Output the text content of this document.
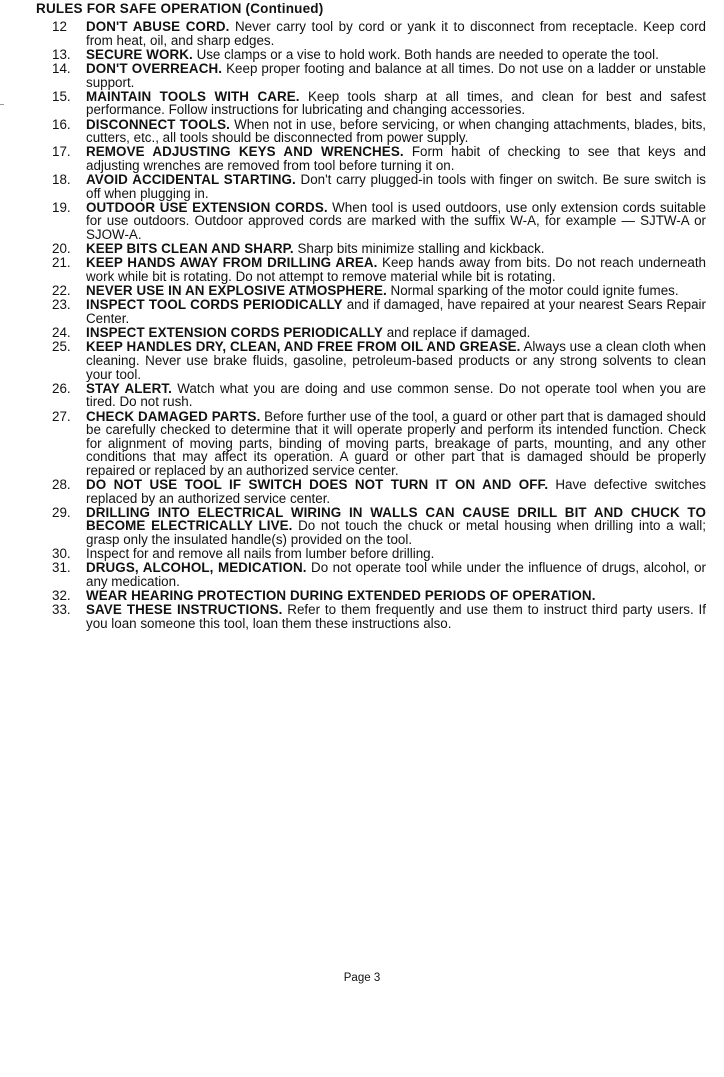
RULES FOR SAFE OPERATION (Continued)
12	DON'T ABUSE CORD. Never carry tool by cord or yank it to disconnect from receptacle. Keep cord from heat, oil, and sharp edges.
13.	SECURE WORK. Use clamps or a vise to hold work. Both hands are needed to operate the tool.
14.	DON'T OVERREACH. Keep proper footing and balance at all times. Do not use on a ladder or unstable support.
15.	MAINTAIN TOOLS WITH CARE. Keep tools sharp at all times, and clean for best and safest performance. Follow instructions for lubricating and changing accessories.
16.	DISCONNECT TOOLS. When not in use, before servicing, or when changing attachments, blades, bits, cutters, etc., all tools should be disconnected from power supply.
17.	REMOVE ADJUSTING KEYS AND WRENCHES. Form habit of checking to see that keys and adjusting wrenches are removed from tool before turning it on.
18.	AVOID ACCIDENTAL STARTING. Don't carry plugged-in tools with finger on switch. Be sure switch is off when plugging in.
19.	OUTDOOR USE EXTENSION CORDS. When tool is used outdoors, use only extension cords suitable for use outdoors. Outdoor approved cords are marked with the suffix W-A, for example — SJTW-A or SJOW-A.
20.	KEEP BITS CLEAN AND SHARP. Sharp bits minimize stalling and kickback.
21.	KEEP HANDS AWAY FROM DRILLING AREA. Keep hands away from bits. Do not reach underneath work while bit is rotating. Do not attempt to remove material while bit is rotating.
22.	NEVER USE IN AN EXPLOSIVE ATMOSPHERE. Normal sparking of the motor could ignite fumes.
23.	INSPECT TOOL CORDS PERIODICALLY and if damaged, have repaired at your nearest Sears Repair Center.
24.	INSPECT EXTENSION CORDS PERIODICALLY and replace if damaged.
25.	KEEP HANDLES DRY, CLEAN, AND FREE FROM OIL AND GREASE. Always use a clean cloth when cleaning. Never use brake fluids, gasoline, petroleum-based products or any strong solvents to clean your tool.
26.	STAY ALERT. Watch what you are doing and use common sense. Do not operate tool when you are tired. Do not rush.
27.	CHECK DAMAGED PARTS. Before further use of the tool, a guard or other part that is damaged should be carefully checked to determine that it will operate properly and perform its intended function. Check for alignment of moving parts, binding of moving parts, breakage of parts, mounting, and any other conditions that may affect its operation. A guard or other part that is damaged should be properly repaired or replaced by an authorized service center.
28.	DO NOT USE TOOL IF SWITCH DOES NOT TURN IT ON AND OFF. Have defective switches replaced by an authorized service center.
29.	DRILLING INTO ELECTRICAL WIRING IN WALLS CAN CAUSE DRILL BIT AND CHUCK TO BECOME ELECTRICALLY LIVE. Do not touch the chuck or metal housing when drilling into a wall; grasp only the insulated handle(s) provided on the tool.
30.	Inspect for and remove all nails from lumber before drilling.
31.	DRUGS, ALCOHOL, MEDICATION. Do not operate tool while under the influence of drugs, alcohol, or any medication.
32.	WEAR HEARING PROTECTION DURING EXTENDED PERIODS OF OPERATION.
33.	SAVE THESE INSTRUCTIONS. Refer to them frequently and use them to instruct third party users. If you loan someone this tool, loan them these instructions also.

Page 3
